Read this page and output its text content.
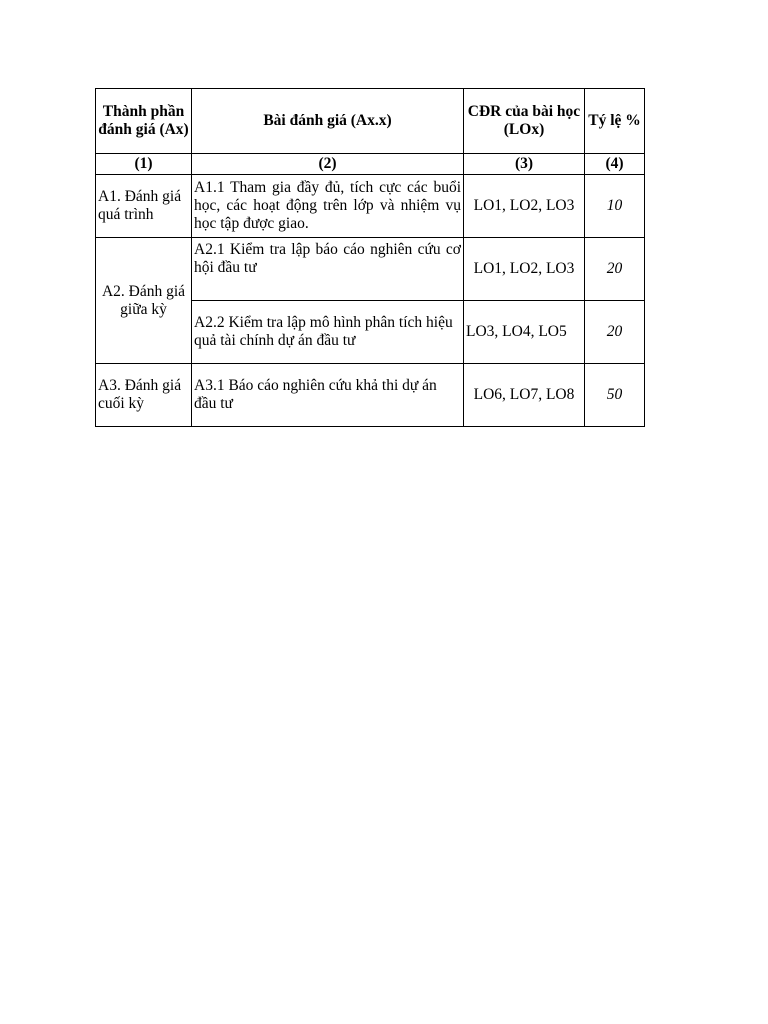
Thành phần đánh giá (Ax)	Bài đánh giá (Ax.x)	CĐR của bài học (LOx)	Tý lệ %
(1)	(2)	(3)	(4)
A1. Đánh giá quá trình	A1.1 Tham gia đầy đủ, tích cực các buổi học, các hoạt động trên lớp và nhiệm vụ học tập được giao.	LO1, LO2, LO3	10
A2. Đánh giá giữa kỳ	A2.1 Kiểm tra lập báo cáo nghiên cứu cơ hội đầu tư	LO1, LO2, LO3	20
	A2.2 Kiểm tra lập mô hình phân tích hiệu quả tài chính dự án đầu tư	LO3, LO4, LO5	20
A3. Đánh giá cuối kỳ	A3.1 Báo cáo nghiên cứu khả thi dự án đầu tư	LO6, LO7, LO8	50
